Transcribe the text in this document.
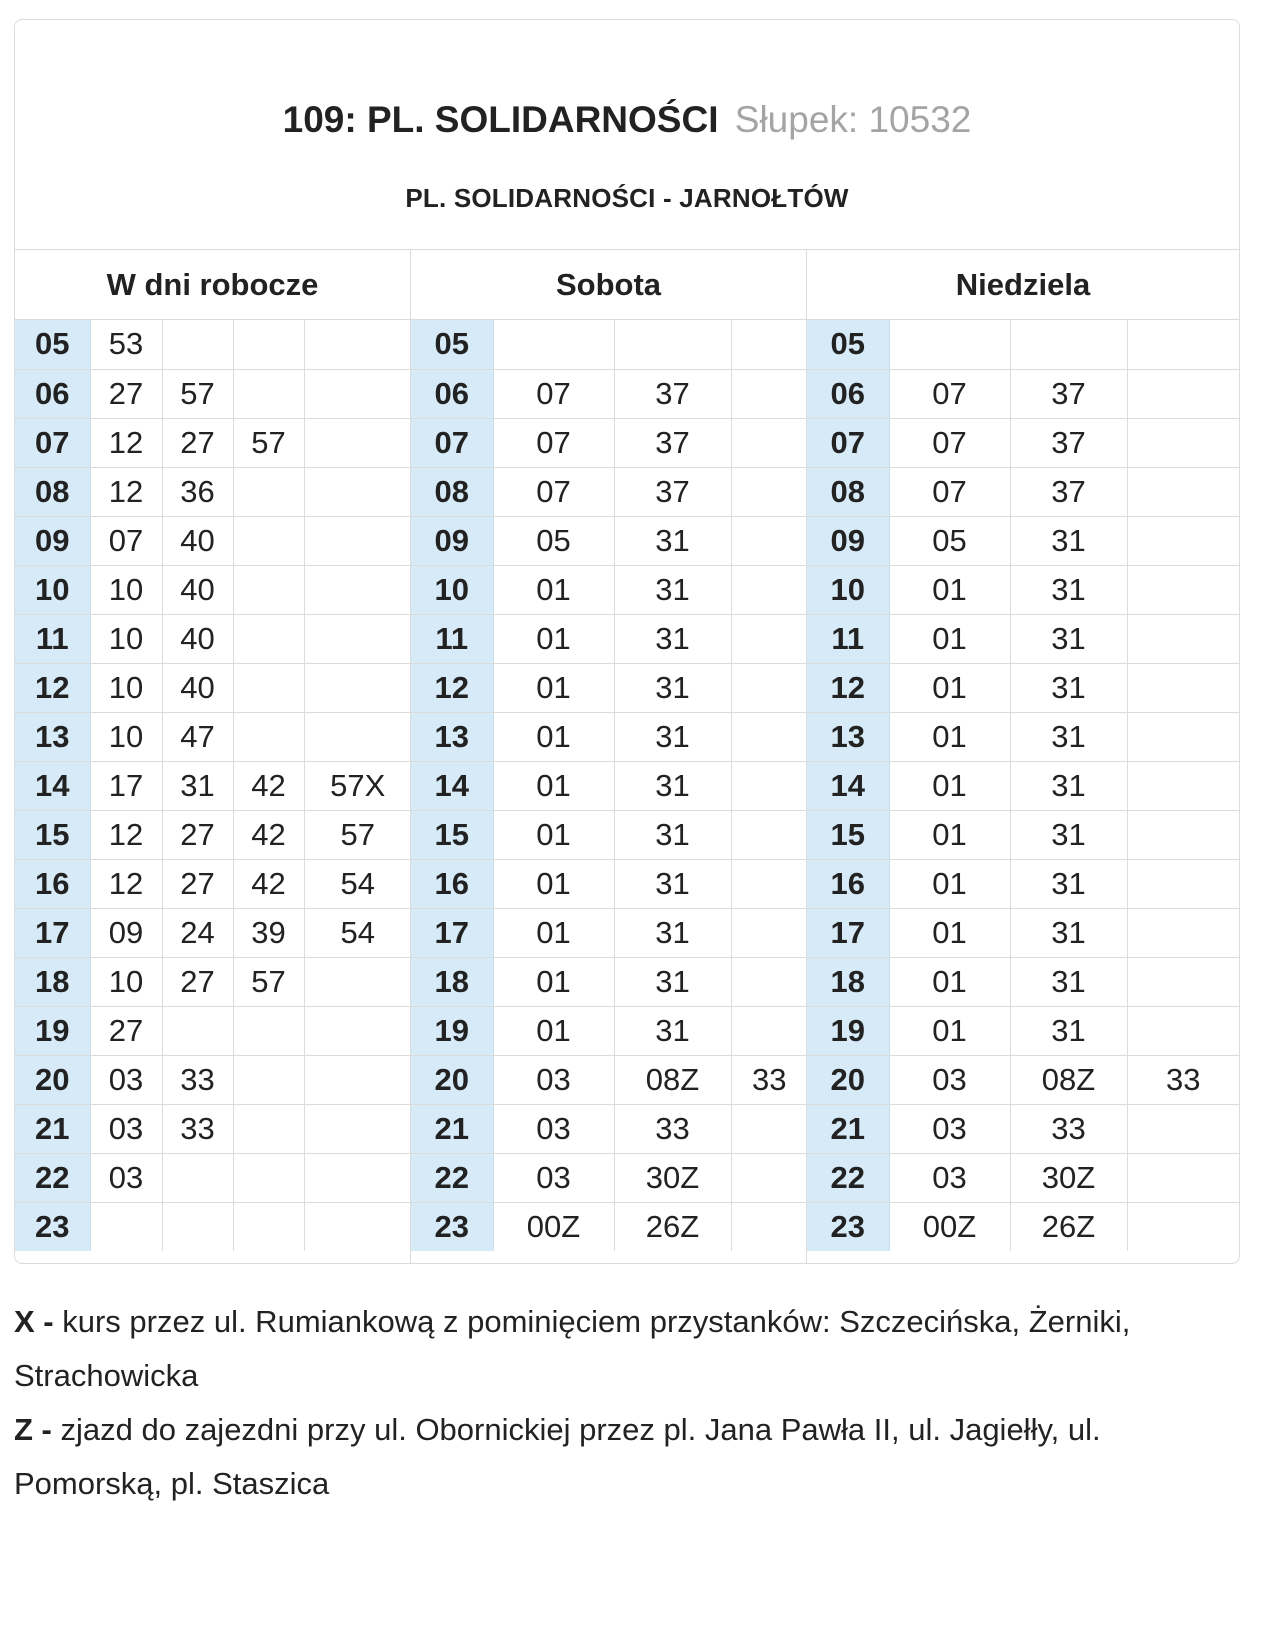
109: PL. SOLIDARNOŚCI Słupek: 10532
PL. SOLIDARNOŚCI - JARNOŁTÓW
W dni robocze
05	53			
06	27	57		
07	12	27	57	
08	12	36		
09	07	40		
10	10	40		
11	10	40		
12	10	40		
13	10	47		
14	17	31	42	57X
15	12	27	42	57
16	12	27	42	54
17	09	24	39	54
18	10	27	57	
19	27			
20	03	33		
21	03	33		
22	03			
23				
Sobota
05			
06	07	37	
07	07	37	
08	07	37	
09	05	31	
10	01	31	
11	01	31	
12	01	31	
13	01	31	
14	01	31	
15	01	31	
16	01	31	
17	01	31	
18	01	31	
19	01	31	
20	03	08Z	33
21	03	33	
22	03	30Z	
23	00Z	26Z	
Niedziela
05			
06	07	37	
07	07	37	
08	07	37	
09	05	31	
10	01	31	
11	01	31	
12	01	31	
13	01	31	
14	01	31	
15	01	31	
16	01	31	
17	01	31	
18	01	31	
19	01	31	
20	03	08Z	33
21	03	33	
22	03	30Z	
23	00Z	26Z	

X - kurs przez ul. Rumiankową z pominięciem przystanków: Szczecińska, Żerniki, Strachowicka

Z - zjazd do zajezdni przy ul. Obornickiej przez pl. Jana Pawła II, ul. Jagiełły, ul. Pomorską, pl. Staszica
